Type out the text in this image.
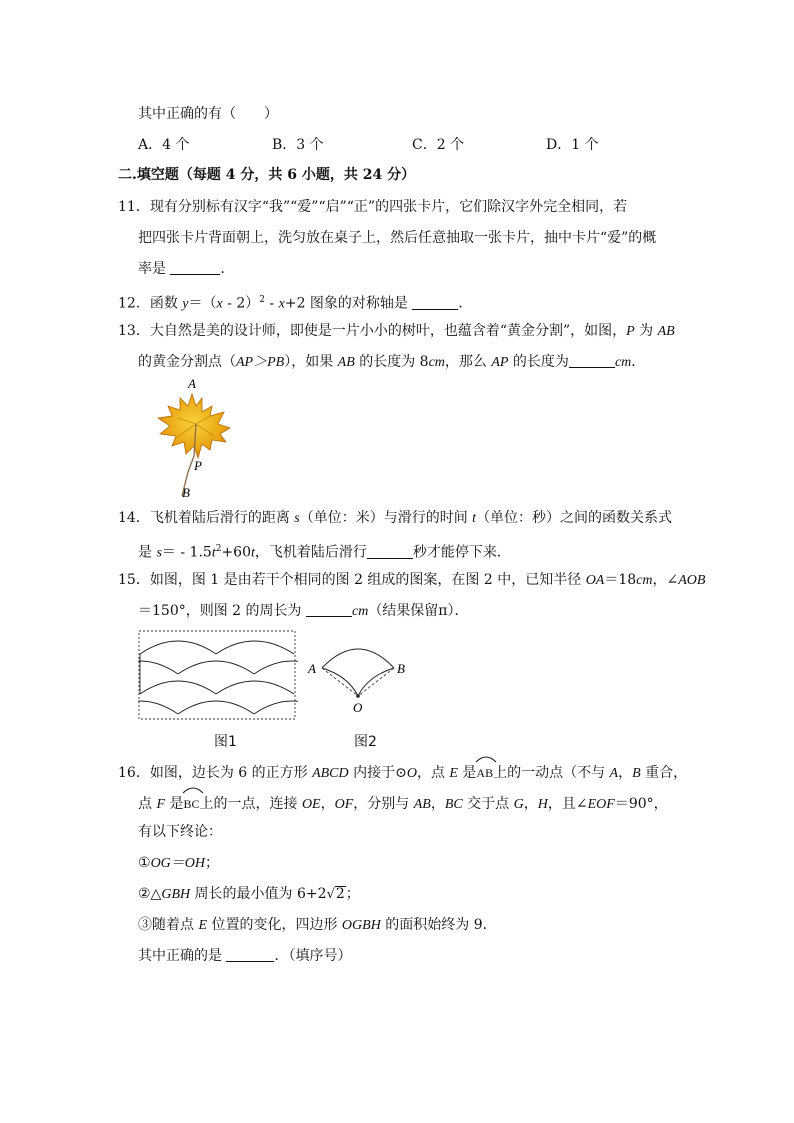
其中正确的有（　　）
A．4 个	B．3 个	C．2 个	D．1 个
二.填空题（每题 4 分，共 6 小题，共 24 分）
11．现有分别标有汉字“我”“爱”“启”“正”的四张卡片，它们除汉字外完全相同，若
把四张卡片背面朝上，洗匀放在桌子上，然后任意抽取一张卡片，抽中卡片“爱”的概
率是	．
12．函数 y＝（x - 2）$^2$ - x+2 图象的对称轴是	．
13．大自然是美的设计师，即使是一片小小的树叶，也蕴含着“黄金分割”，如图，P 为 AB
的黄金分割点（AP＞PB），如果 AB 的长度为 8cm，那么 AP 的长度为	cm．
A
P
B
14．飞机着陆后滑行的距离 s（单位：米）与滑行的时间 t（单位：秒）之间的函数关系式
是 $s= - 1.5t^2+60t$，飞机着陆后滑行	秒才能停下来．
15．如图，图 1 是由若干个相同的图 2 组成的图案，在图 2 中，已知半径 OA＝18cm，∠AOB
＝150°，则图 2 的周长为	cm（结果保留π）．
图1
A	B
O
图2
16．如图，边长为 6 的正方形 ABCD 内接于⊙O，点 E 是
AB上的一动点（不与 A，B 重合，
点 F 是
BC上的一点，连接 OE，OF，分别与 AB，BC 交于点 G，H，且∠EOF＝90°，
有以下终论：
①OG＝OH；
②△GBH 周长的最小值为 6+2√2；
③随着点 E 位置的变化，四边形 OGBH 的面积始终为 9．
其中正确的是	．（填序号）
